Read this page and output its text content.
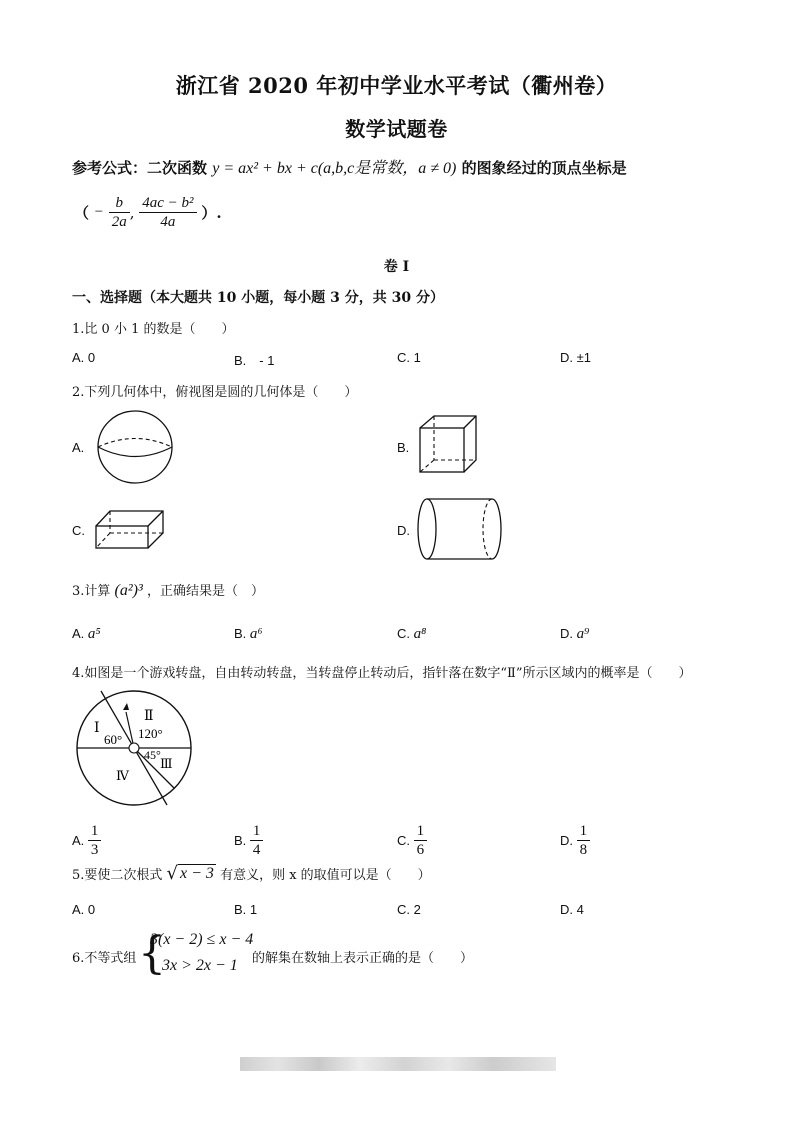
浙江省 2020 年初中学业水平考试（衢州卷）
数学试题卷
参考公式：二次函数 y = ax² + bx + c(a,b,c是常数，a ≠ 0) 的图象经过的顶点坐标是
（ − $\frac{b}{2a}$ , $\frac{\text{4ac − b²}}{4a}$ ）.
卷 I
一、选择题（本大题共 10 小题，每小题 3 分，共 30 分）
1.比 0 小 1 的数是（　　）
A. 0	B.　- 1	C. 1	D. ±1
2.下列几何体中，俯视图是圆的几何体是（　　）
A.	B.
C.	D.
3.计算 (a²)³ ，正确结果是（　）
A. a⁵	B. a⁶	C. a⁸	D. a⁹
4.如图是一个游戏转盘，自由转动转盘，当转盘停止转动后，指针落在数字“Ⅱ”所示区域内的概率是（　　）
Ⅰ
Ⅱ
Ⅲ
Ⅳ
60° 120°
45°
A. $\frac{1}{3}$	B. $\frac{1}{4}$	C. $\frac{1}{6}$	D. $\frac{1}{8}$
5.要使二次根式 √ x − 3 有意义，则 x 的取值可以是（　　）
A. 0	B. 1	C. 2	D. 4
6.不等式组 {
3(x − 2) ≤ x − 4
3x > 2x − 1 的解集在数轴上表示正确的是（　　）
